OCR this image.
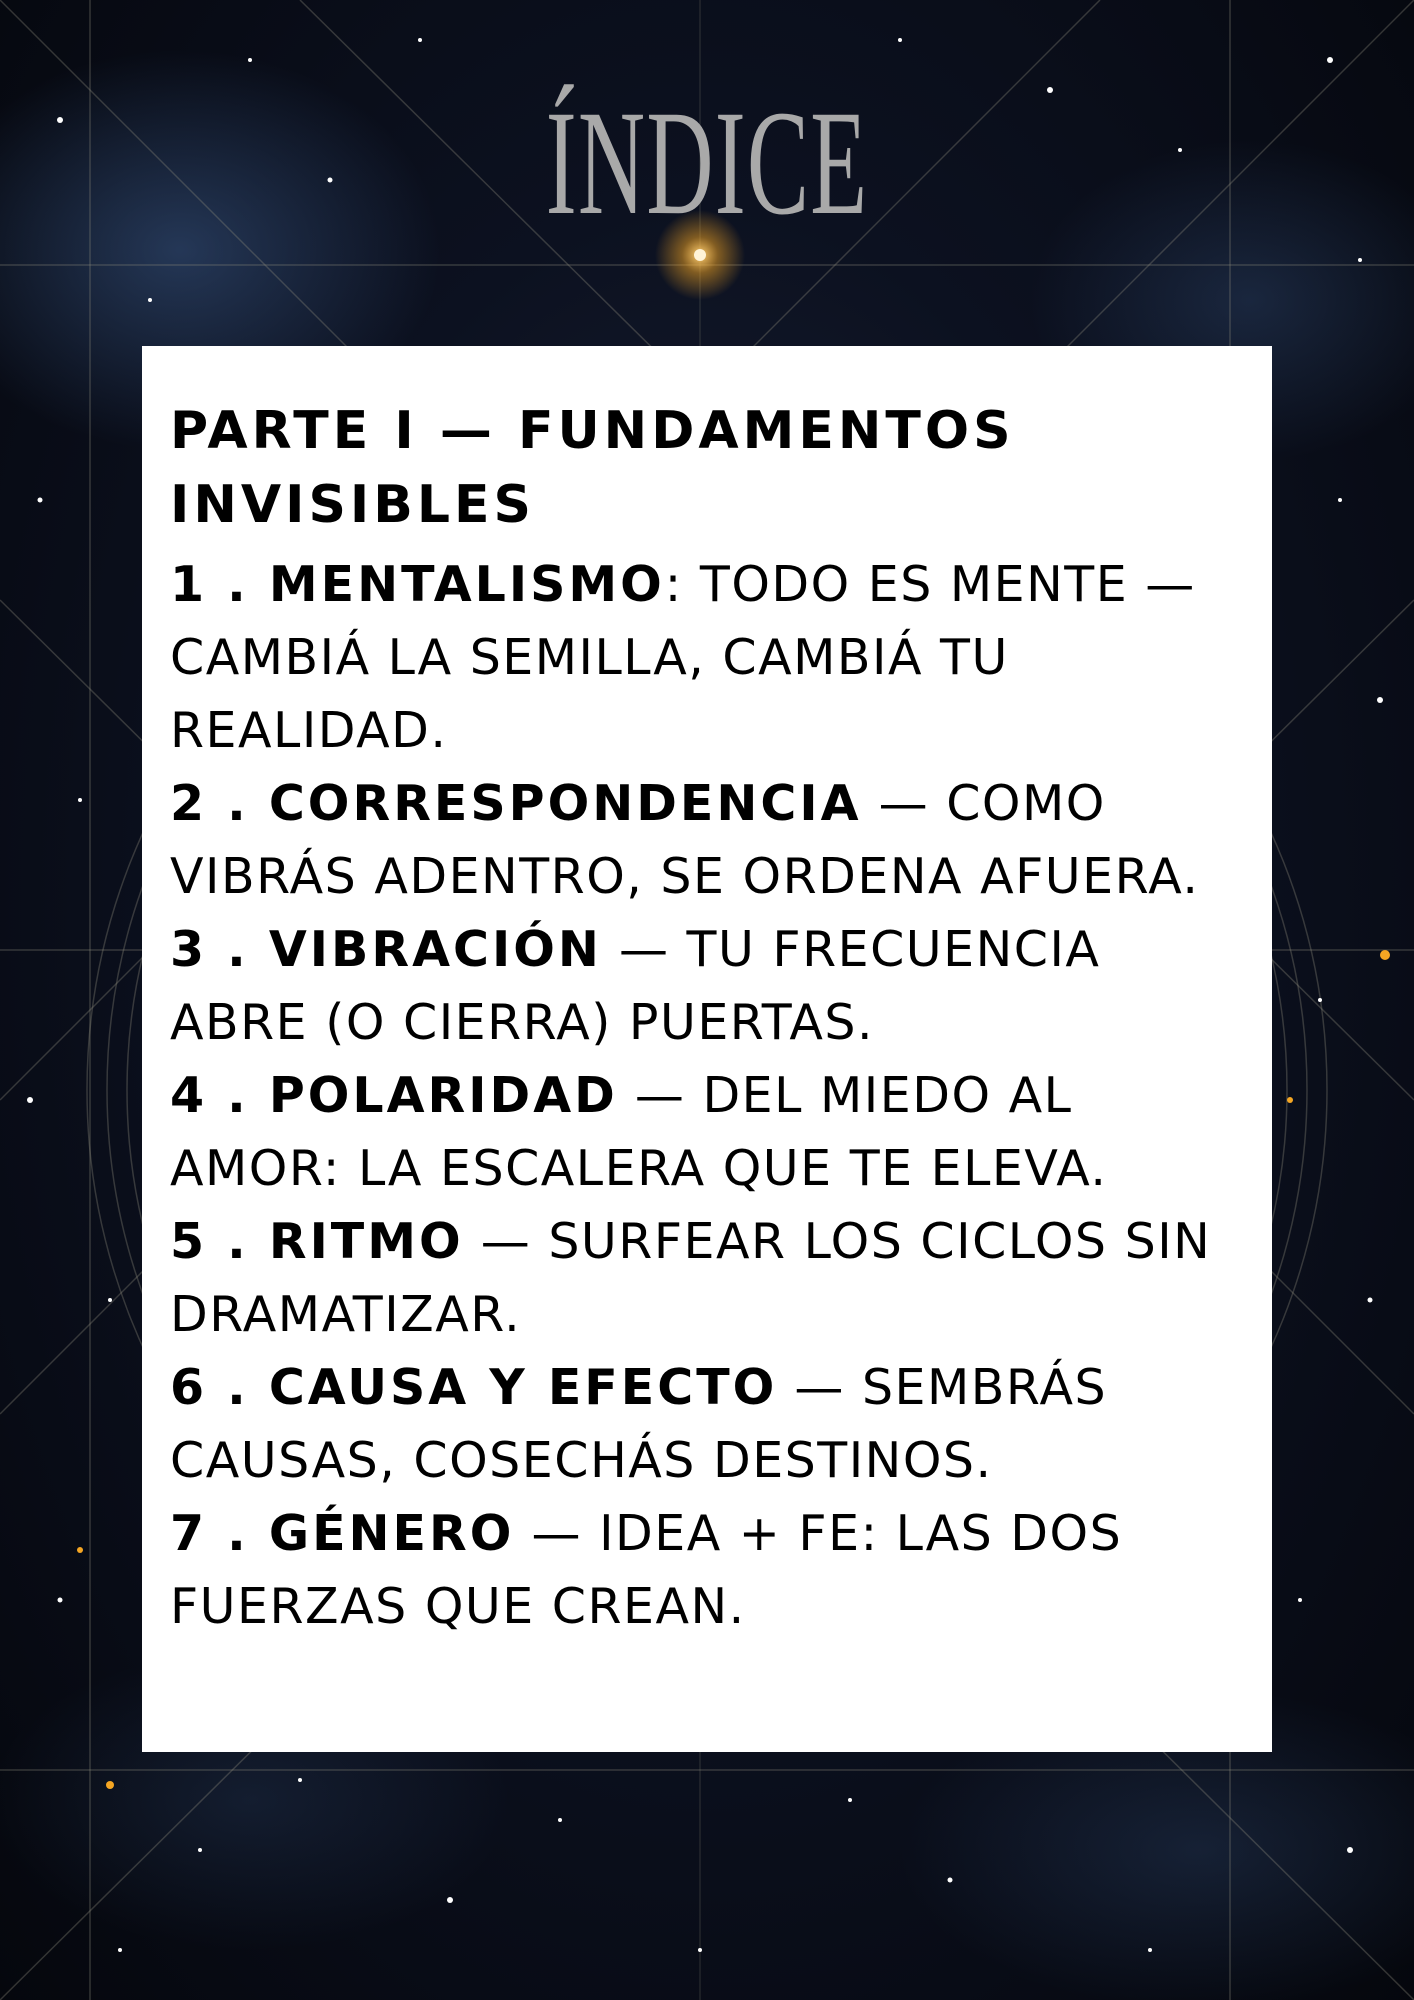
ÍNDICE
PARTE I — FUNDAMENTOS
INVISIBLES

1 . MENTALISMO: TODO ES MENTE — CAMBIÁ LA SEMILLA, CAMBIÁ TU REALIDAD.

2 . CORRESPONDENCIA — COMO VIBRÁS ADENTRO, SE ORDENA AFUERA.

3 . VIBRACIÓN — TU FRECUENCIA ABRE (O CIERRA) PUERTAS.

4 . POLARIDAD — DEL MIEDO AL AMOR: LA ESCALERA QUE TE ELEVA.

5 . RITMO — SURFEAR LOS CICLOS SIN DRAMATIZAR.

6 . CAUSA Y EFECTO — SEMBRÁS CAUSAS, COSECHÁS DESTINOS.

7 . GÉNERO — IDEA + FE: LAS DOS FUERZAS QUE CREAN.
